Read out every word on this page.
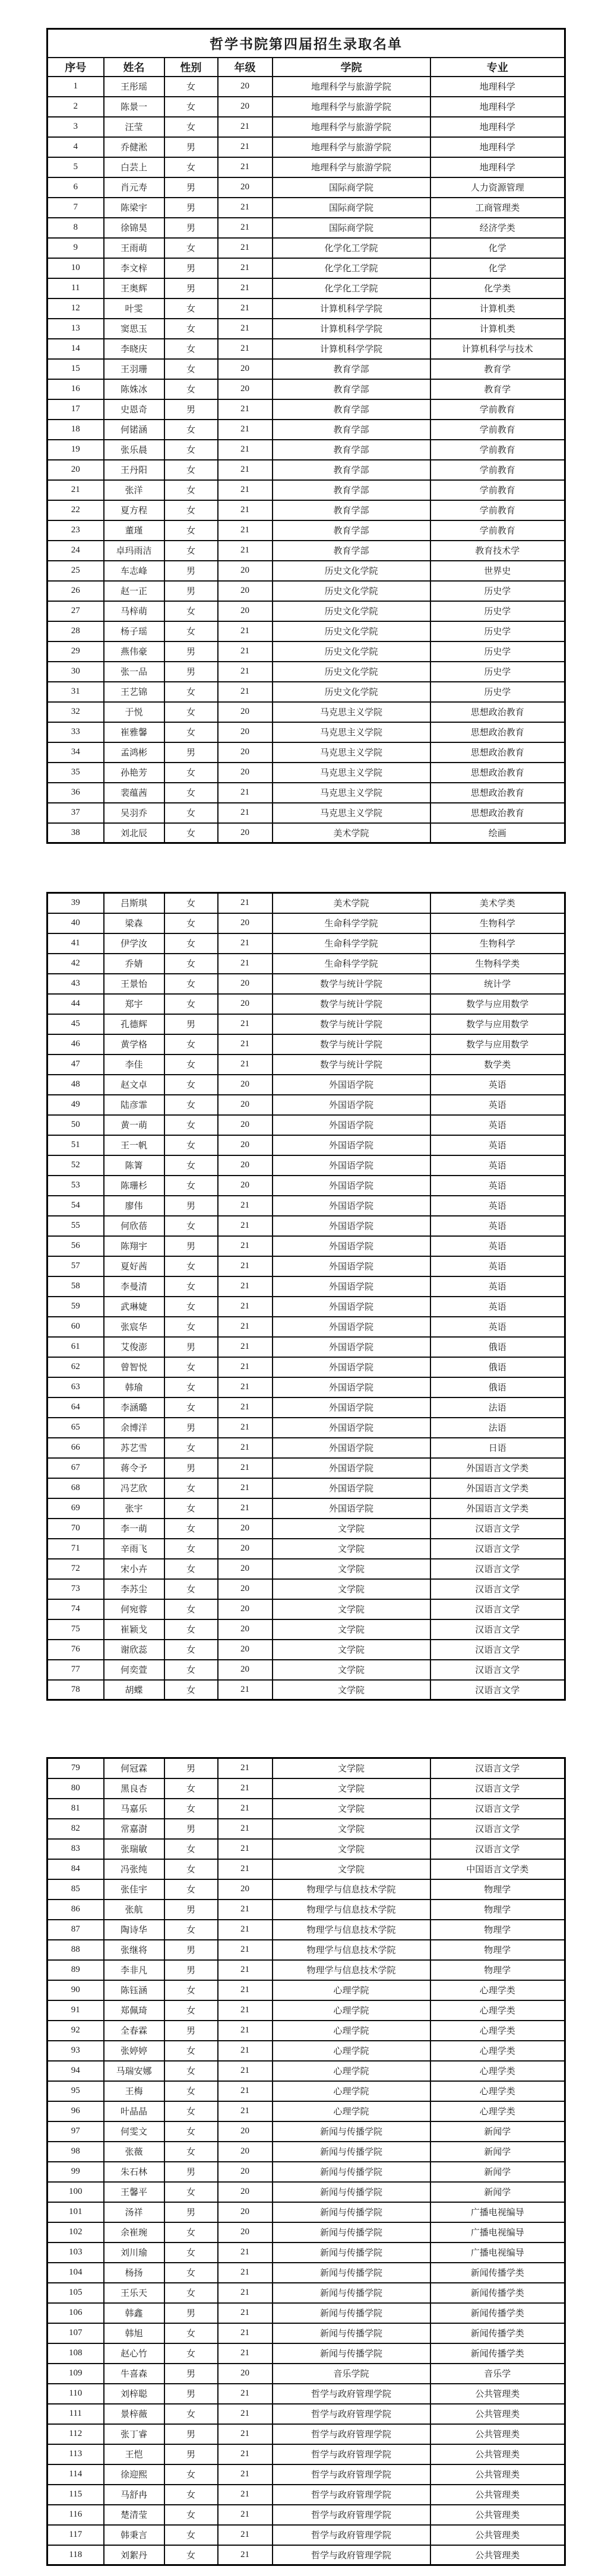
哲学书院第四届招生录取名单					
序号	姓名	性别	年级	学院	专业
1	王彤瑶	女	20	地理科学与旅游学院	地理科学
2	陈景一	女	20	地理科学与旅游学院	地理科学
3	汪莹	女	21	地理科学与旅游学院	地理科学
4	乔健淞	男	21	地理科学与旅游学院	地理科学
5	白芸上	女	21	地理科学与旅游学院	地理科学
6	肖元寿	男	20	国际商学院	人力资源管理
7	陈梁宇	男	21	国际商学院	工商管理类
8	徐锦昊	男	21	国际商学院	经济学类
9	王雨萌	女	21	化学化工学院	化学
10	李文梓	男	21	化学化工学院	化学
11	王奥辉	男	21	化学化工学院	化学类
12	叶雯	女	21	计算机科学学院	计算机类
13	窦思玉	女	21	计算机科学学院	计算机类
14	李晓庆	女	21	计算机科学学院	计算机科学与技术
15	王羽珊	女	20	教育学部	教育学
16	陈姝冰	女	20	教育学部	教育学
17	史恩奇	男	21	教育学部	学前教育
18	何锘涵	女	21	教育学部	学前教育
19	张乐晨	女	21	教育学部	学前教育
20	王丹阳	女	21	教育学部	学前教育
21	张洋	女	21	教育学部	学前教育
22	夏方程	女	21	教育学部	学前教育
23	董瑾	女	21	教育学部	学前教育
24	卓玛雨洁	女	21	教育学部	教育技术学
25	车志峰	男	20	历史文化学院	世界史
26	赵一正	男	20	历史文化学院	历史学
27	马梓萌	女	20	历史文化学院	历史学
28	杨子瑶	女	21	历史文化学院	历史学
29	燕伟豪	男	21	历史文化学院	历史学
30	张一品	男	21	历史文化学院	历史学
31	王艺锦	女	21	历史文化学院	历史学
32	于悦	女	20	马克思主义学院	思想政治教育
33	崔雅馨	女	20	马克思主义学院	思想政治教育
34	孟鸿彬	男	20	马克思主义学院	思想政治教育
35	孙艳芳	女	20	马克思主义学院	思想政治教育
36	裴蕴茜	女	21	马克思主义学院	思想政治教育
37	吴羽乔	女	21	马克思主义学院	思想政治教育
38	刘北辰	女	20	美术学院	绘画
39	吕斯琪	女	21	美术学院	美术学类
40	梁森	女	20	生命科学学院	生物科学
41	伊学汝	女	21	生命科学学院	生物科学
42	乔婧	女	21	生命科学学院	生物科学类
43	王景怡	女	20	数学与统计学院	统计学
44	郑宇	女	20	数学与统计学院	数学与应用数学
45	孔德辉	男	21	数学与统计学院	数学与应用数学
46	黄学格	女	21	数学与统计学院	数学与应用数学
47	李佳	女	21	数学与统计学院	数学类
48	赵文卓	女	20	外国语学院	英语
49	陆彦霏	女	20	外国语学院	英语
50	黄一萌	女	20	外国语学院	英语
51	王一帆	女	20	外国语学院	英语
52	陈箐	女	20	外国语学院	英语
53	陈珊杉	女	20	外国语学院	英语
54	廖伟	男	21	外国语学院	英语
55	何欣蓓	女	21	外国语学院	英语
56	陈翔宇	男	21	外国语学院	英语
57	夏好茜	女	21	外国语学院	英语
58	李曼清	女	21	外国语学院	英语
59	武琳婕	女	21	外国语学院	英语
60	张宸华	女	21	外国语学院	英语
61	艾俊澎	男	21	外国语学院	俄语
62	曾智悦	女	21	外国语学院	俄语
63	韩瑜	女	21	外国语学院	俄语
64	李涵璐	女	21	外国语学院	法语
65	余博洋	男	21	外国语学院	法语
66	苏艺雪	女	21	外国语学院	日语
67	蒋令予	男	21	外国语学院	外国语言文学类
68	冯艺欣	女	21	外国语学院	外国语言文学类
69	张宇	女	21	外国语学院	外国语言文学类
70	李一萌	女	20	文学院	汉语言文学
71	辛雨飞	女	20	文学院	汉语言文学
72	宋小卉	女	20	文学院	汉语言文学
73	李苏尘	女	20	文学院	汉语言文学
74	何宛蓉	女	20	文学院	汉语言文学
75	崔颖戈	女	20	文学院	汉语言文学
76	谢欣蕊	女	20	文学院	汉语言文学
77	何奕萱	女	20	文学院	汉语言文学
78	胡蝶	女	21	文学院	汉语言文学
79	何冠霖	男	21	文学院	汉语言文学
80	黑良杏	女	21	文学院	汉语言文学
81	马嘉乐	女	21	文学院	汉语言文学
82	常嘉澍	男	21	文学院	汉语言文学
83	张瑞敏	女	21	文学院	汉语言文学
84	冯张纯	女	21	文学院	中国语言文学类
85	张佳宇	女	20	物理学与信息技术学院	物理学
86	张航	男	21	物理学与信息技术学院	物理学
87	陶诗华	女	21	物理学与信息技术学院	物理学
88	张继将	男	21	物理学与信息技术学院	物理学
89	李非凡	男	21	物理学与信息技术学院	物理学
90	陈钰涵	女	21	心理学院	心理学类
91	郑佩琦	女	21	心理学院	心理学类
92	全春霖	男	21	心理学院	心理学类
93	张婷婷	女	21	心理学院	心理学类
94	马瑞安娜	女	21	心理学院	心理学类
95	王梅	女	21	心理学院	心理学类
96	叶晶晶	女	21	心理学院	心理学类
97	何雯文	女	20	新闻与传播学院	新闻学
98	张薇	女	20	新闻与传播学院	新闻学
99	朱石林	男	20	新闻与传播学院	新闻学
100	王馨平	女	20	新闻与传播学院	新闻学
101	汤祥	男	20	新闻与传播学院	广播电视编导
102	余崔琬	女	20	新闻与传播学院	广播电视编导
103	刘川瑜	女	21	新闻与传播学院	广播电视编导
104	杨扬	女	21	新闻与传播学院	新闻传播学类
105	王乐天	女	21	新闻与传播学院	新闻传播学类
106	韩鑫	男	21	新闻与传播学院	新闻传播学类
107	韩旭	女	21	新闻与传播学院	新闻传播学类
108	赵心竹	女	21	新闻与传播学院	新闻传播学类
109	牛喜森	男	20	音乐学院	音乐学
110	刘梓聪	男	21	哲学与政府管理学院	公共管理类
111	景梓薇	女	21	哲学与政府管理学院	公共管理类
112	张丁睿	男	21	哲学与政府管理学院	公共管理类
113	王恺	男	21	哲学与政府管理学院	公共管理类
114	徐迎熙	女	21	哲学与政府管理学院	公共管理类
115	马舒冉	女	21	哲学与政府管理学院	公共管理类
116	楚清莹	女	21	哲学与政府管理学院	公共管理类
117	韩秉言	女	21	哲学与政府管理学院	公共管理类
118	刘絮丹	女	21	哲学与政府管理学院	公共管理类
